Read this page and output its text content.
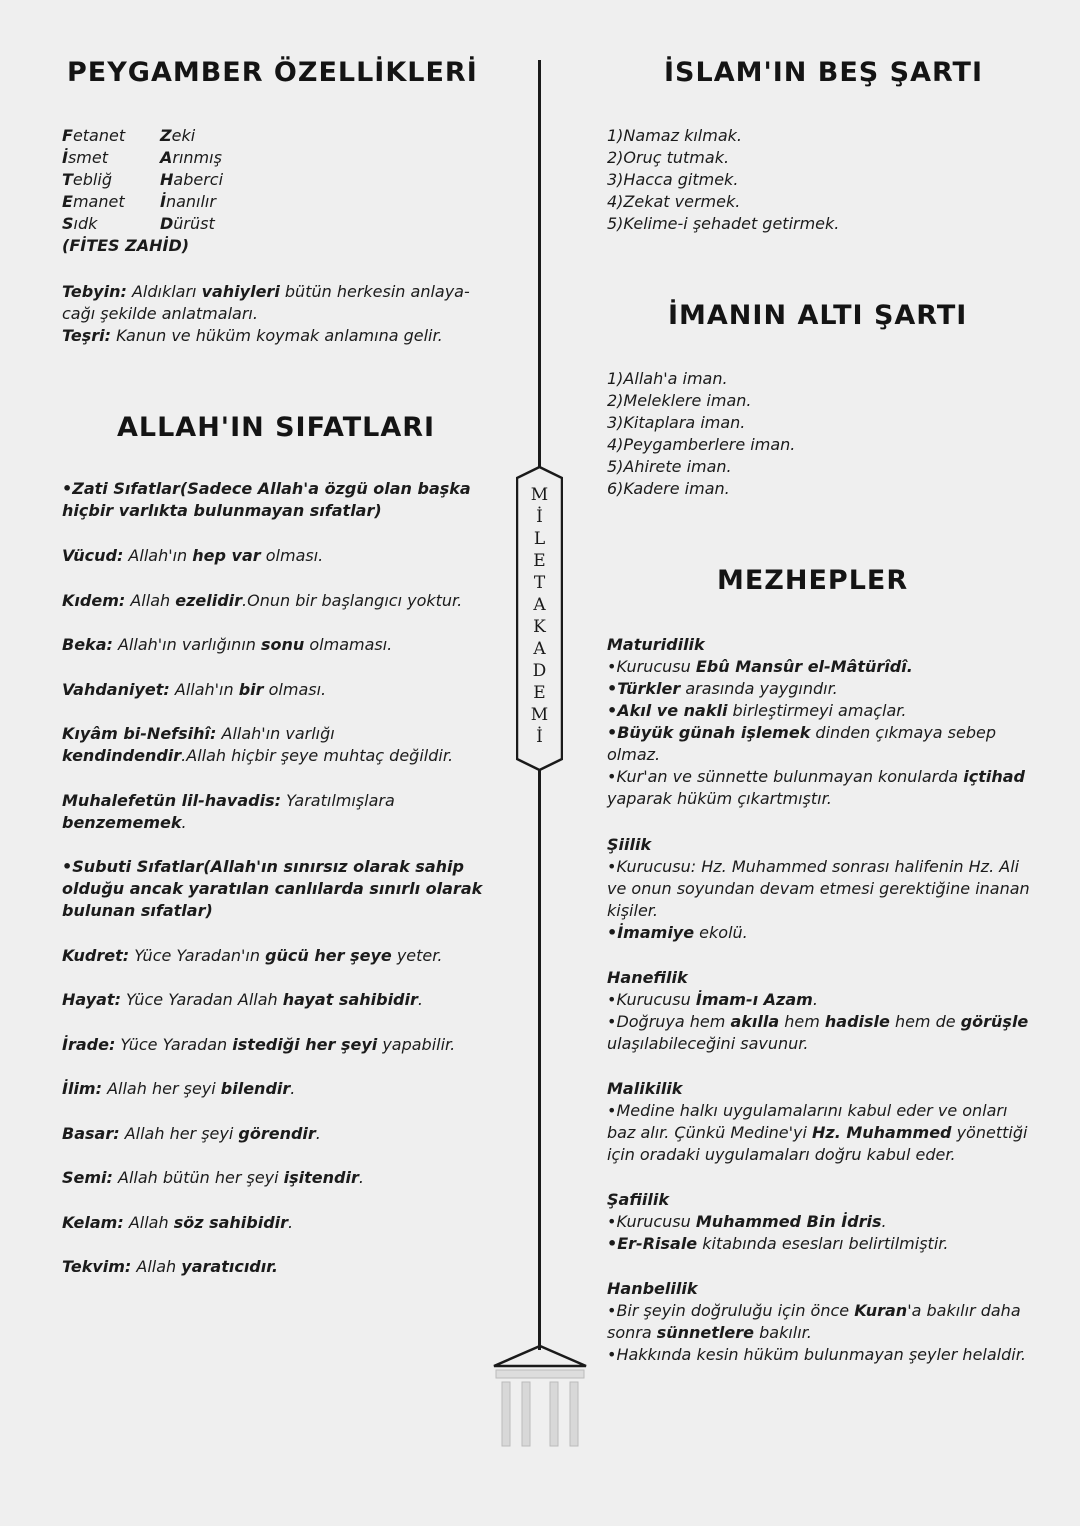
PEYGAMBER ÖZELLİKLERİ
Fetanet	Zeki
İsmet	Arınmış
Tebliğ	Haberci
Emanet	İnanılır
Sıdk	Dürüst
(FİTES ZAHİD)
Tebyin: Aldıkları vahiyleri bütün herkesin anlaya-
cağı şekilde anlatmaları.
Teşri: Kanun ve hüküm koymak anlamına gelir.
ALLAH'IN SIFATLARI
•Zati Sıfatlar(Sadece Allah'a özgü olan başka
hiçbir varlıkta bulunmayan sıfatlar)
Vücud: Allah'ın hep var olması.
Kıdem: Allah ezelidir.Onun bir başlangıcı yoktur.
Beka: Allah'ın varlığının sonu olmaması.
Vahdaniyet: Allah'ın bir olması.
Kıyâm bi-Nefsihî: Allah'ın varlığı
kendindendir.Allah hiçbir şeye muhtaç değildir.
Muhalefetün lil-havadis: Yaratılmışlara
benzememek.
•Subuti Sıfatlar(Allah'ın sınırsız olarak sahip
olduğu ancak yaratılan canlılarda sınırlı olarak
bulunan sıfatlar)
Kudret: Yüce Yaradan'ın gücü her şeye yeter.
Hayat: Yüce Yaradan Allah hayat sahibidir.
İrade: Yüce Yaradan istediği her şeyi yapabilir.
İlim: Allah her şeyi bilendir.
Basar: Allah her şeyi görendir.
Semi: Allah bütün her şeyi işitendir.
Kelam: Allah söz sahibidir.
Tekvim: Allah yaratıcıdır.
M
İ
L
E
T
A
K
A
D
E
M
İ
İSLAM'IN BEŞ ŞARTI
1)Namaz kılmak.
2)Oruç tutmak.
3)Hacca gitmek.
4)Zekat vermek.
5)Kelime-i şehadet getirmek.
İMANIN ALTI ŞARTI
1)Allah'a iman.
2)Meleklere iman.
3)Kitaplara iman.
4)Peygamberlere iman.
5)Ahirete iman.
6)Kadere iman.
MEZHEPLER
Maturidilik
•Kurucusu Ebû Mansûr el-Mâtürîdî.
•Türkler arasında yaygındır.
•Akıl ve nakli birleştirmeyi amaçlar.
•Büyük günah işlemek dinden çıkmaya sebep
olmaz.
•Kur'an ve sünnette bulunmayan konularda içtihad
yaparak hüküm çıkartmıştır.
Şiilik
•Kurucusu: Hz. Muhammed sonrası halifenin Hz. Ali
ve onun soyundan devam etmesi gerektiğine inanan
kişiler.
•İmamiye ekolü.
Hanefilik
•Kurucusu İmam-ı Azam.
•Doğruya hem akılla hem hadisle hem de görüşle
ulaşılabileceğini savunur.
Malikilik
•Medine halkı uygulamalarını kabul eder ve onları
baz alır. Çünkü Medine'yi Hz. Muhammed yönettiği
için oradaki uygulamaları doğru kabul eder.
Şafiilik
•Kurucusu Muhammed Bin İdris.
•Er-Risale kitabında esesları belirtilmiştir.
Hanbelilik
•Bir şeyin doğruluğu için önce Kuran'a bakılır daha
sonra sünnetlere bakılır.
•Hakkında kesin hüküm bulunmayan şeyler helaldir.
